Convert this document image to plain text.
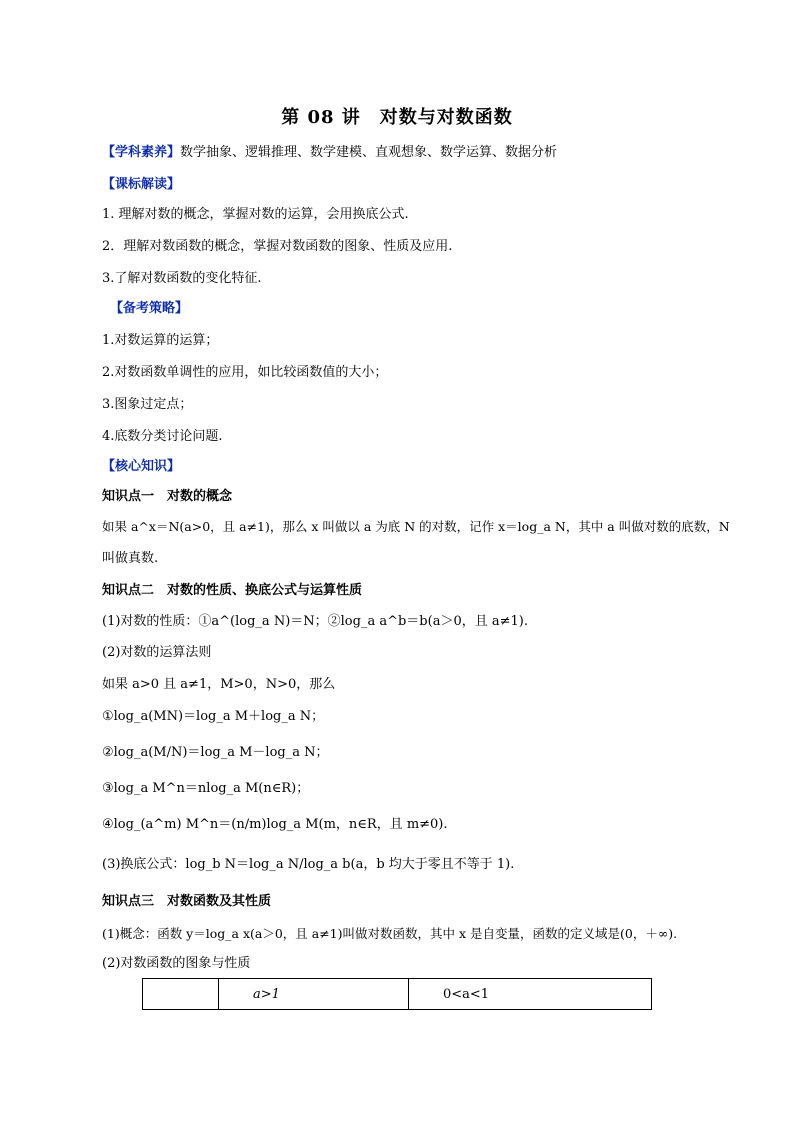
第 08 讲　对数与对数函数
【学科素养】数学抽象、逻辑推理、数学建模、直观想象、数学运算、数据分析
【课标解读】
1. 理解对数的概念，掌握对数的运算，会用换底公式.
2．理解对数函数的概念，掌握对数函数的图象、性质及应用.
3.了解对数函数的变化特征.
【备考策略】
1.对数运算的运算；
2.对数函数单调性的应用，如比较函数值的大小；
3.图象过定点；
4.底数分类讨论问题.
【核心知识】
知识点一　对数的概念
如果 a^x＝N(a>0，且 a≠1)，那么 x 叫做以 a 为底 N 的对数，记作 x＝log_a N，其中 a 叫做对数的底数，N
叫做真数.
知识点二　对数的性质、换底公式与运算性质
(1)对数的性质：①a^(log_a N)＝N；②log_a a^b＝b(a＞0，且 a≠1).
(2)对数的运算法则
如果 a>0 且 a≠1，M>0，N>0，那么
①log_a(MN)＝log_a M＋log_a N；
②log_a(M/N)＝log_a M－log_a N；
③log_a M^n＝nlog_a M(n∈R)；
④log_(a^m) M^n＝(n/m)log_a M(m，n∈R，且 m≠0).
(3)换底公式：log_b N＝log_a N/log_a b(a，b 均大于零且不等于 1).
知识点三　对数函数及其性质
(1)概念：函数 y＝log_a x(a＞0，且 a≠1)叫做对数函数，其中 x 是自变量，函数的定义域是(0，＋∞).
(2)对数函数的图象与性质
a>1	0<a<1
